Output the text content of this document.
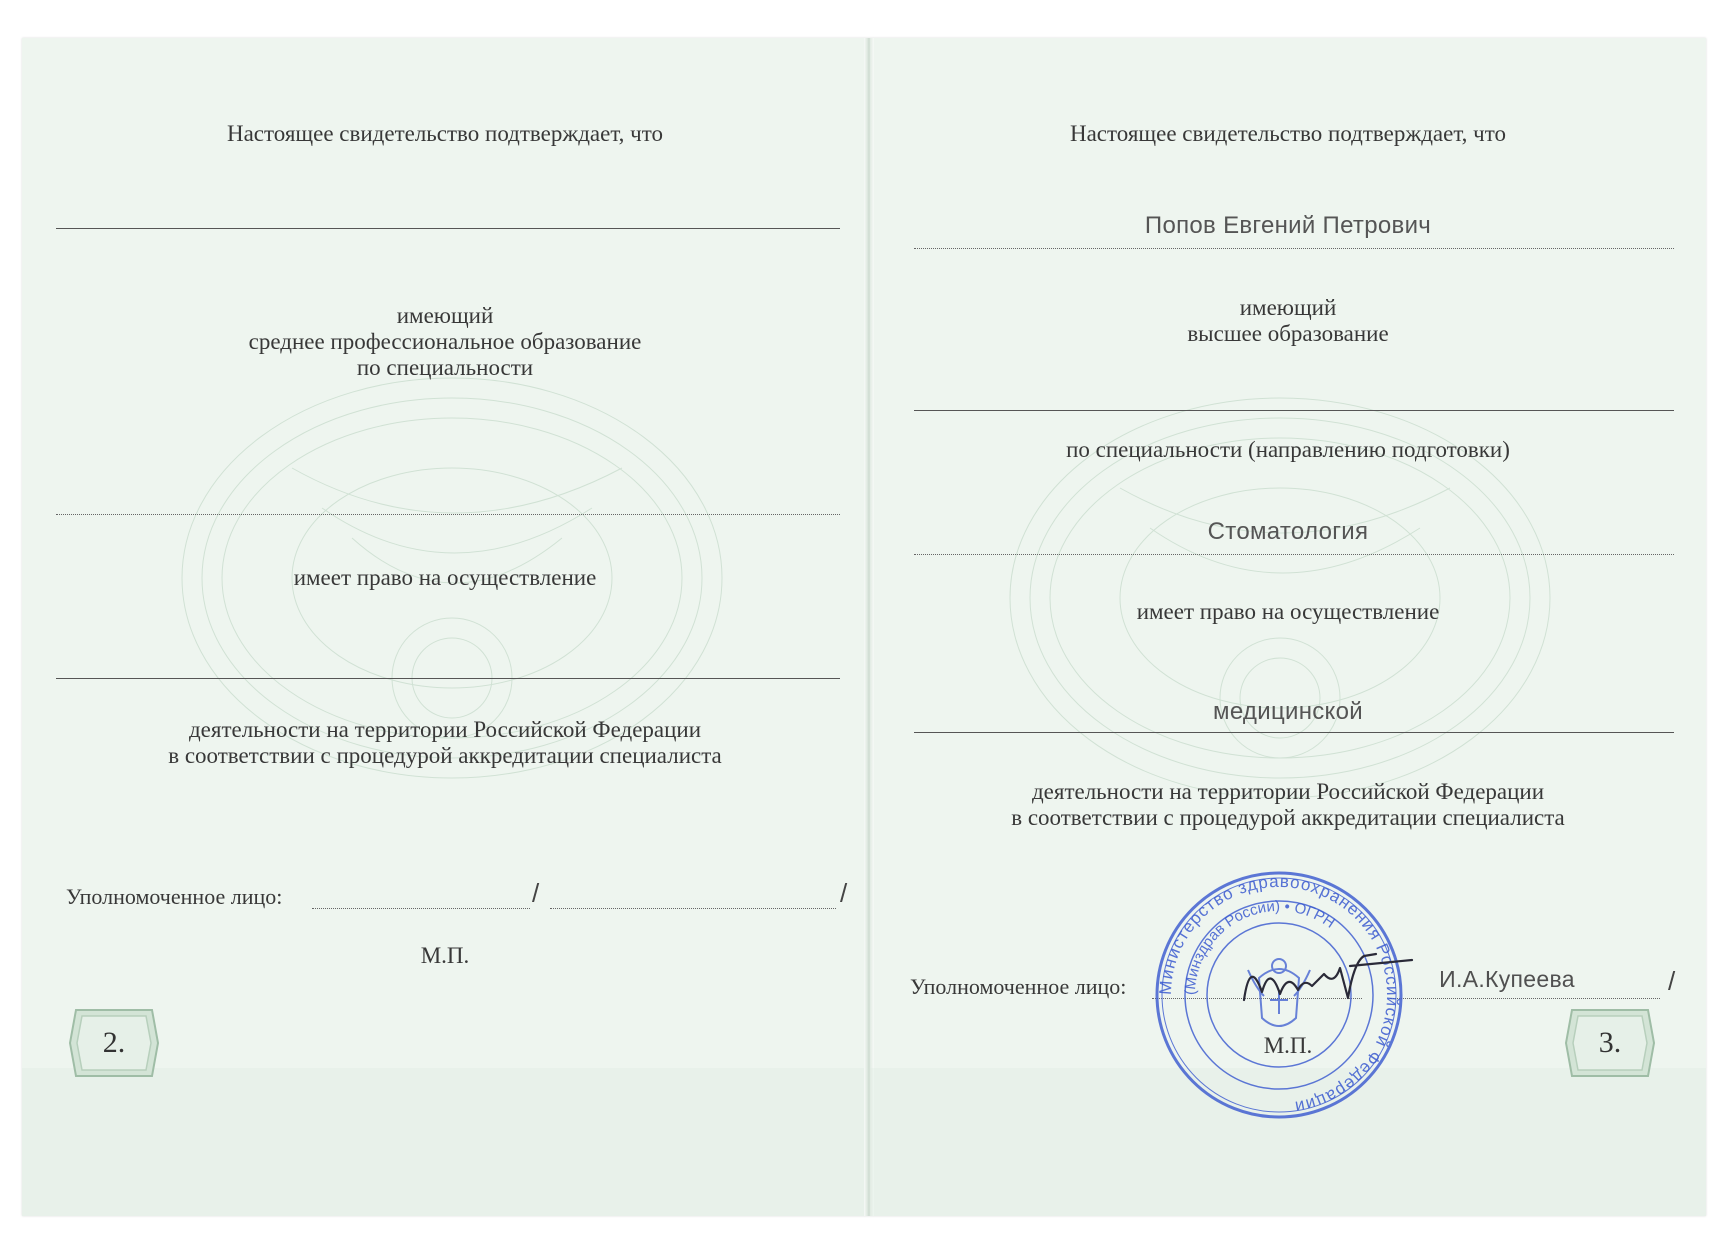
Настоящее свидетельство подтверждает, что
имеющий
среднее профессиональное образование
по специальности
имеет право на осуществление
деятельности на территории Российской Федерации
в соответствии с процедурой аккредитации специалиста
Уполномоченное лицо:	/	/
М.П.
2.
Настоящее свидетельство подтверждает, что
Попов Евгений Петрович
имеющий
высшее образование
по специальности (направлению подготовки)
Стоматология
имеет право на осуществление
медицинской
деятельности на территории Российской Федерации
в соответствии с процедурой аккредитации специалиста
Уполномоченное лицо:	И.А.Купеева	/
М.П.	3.
Министерство здравоохранения Российской Федерации
(Минздрав России) • ОГРН
